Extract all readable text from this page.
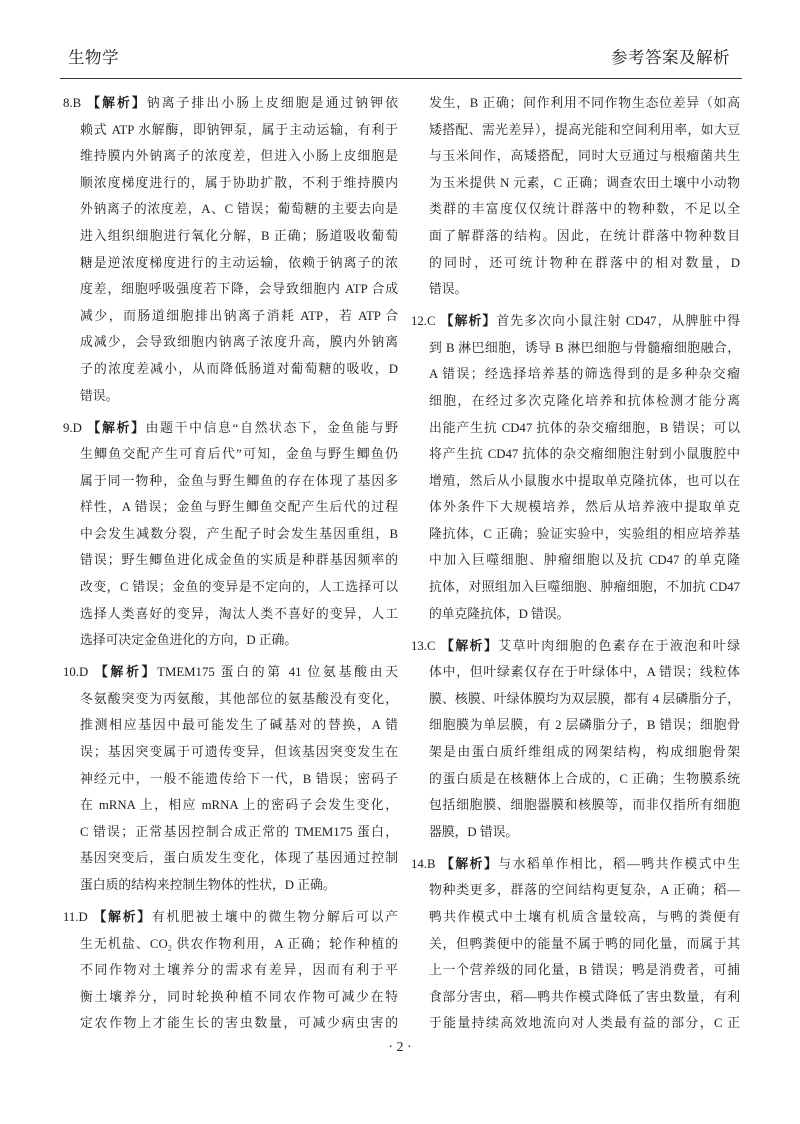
生物学	参考答案及解析
8.B 【解析】钠离子排出小肠上皮细胞是通过钠钾依
赖式 ATP 水解酶，即钠钾泵，属于主动运输，有利于
维持膜内外钠离子的浓度差，但进入小肠上皮细胞是
顺浓度梯度进行的，属于协助扩散，不利于维持膜内
外钠离子的浓度差，A、C 错误；葡萄糖的主要去向是
进入组织细胞进行氧化分解，B 正确；肠道吸收葡萄
糖是逆浓度梯度进行的主动运输，依赖于钠离子的浓
度差，细胞呼吸强度若下降，会导致细胞内 ATP 合成
减少，而肠道细胞排出钠离子消耗 ATP，若 ATP 合
成减少，会导致细胞内钠离子浓度升高，膜内外钠离
子的浓度差减小，从而降低肠道对葡萄糖的吸收，D
错误。
9.D 【解析】由题干中信息“自然状态下，金鱼能与野
生鲫鱼交配产生可育后代”可知，金鱼与野生鲫鱼仍
属于同一物种，金鱼与野生鲫鱼的存在体现了基因多
样性，A 错误；金鱼与野生鲫鱼交配产生后代的过程
中会发生减数分裂，产生配子时会发生基因重组，B
错误；野生鲫鱼进化成金鱼的实质是种群基因频率的
改变，C 错误；金鱼的变异是不定向的，人工选择可以
选择人类喜好的变异，淘汰人类不喜好的变异，人工
选择可决定金鱼进化的方向，D 正确。
10.D 【解析】TMEM175 蛋白的第 41 位氨基酸由天
冬氨酸突变为丙氨酸，其他部位的氨基酸没有变化，
推测相应基因中最可能发生了碱基对的替换，A 错
误；基因突变属于可遗传变异，但该基因突变发生在
神经元中，一般不能遗传给下一代，B 错误；密码子
在 mRNA 上，相应 mRNA 上的密码子会发生变化，
C 错误；正常基因控制合成正常的 TMEM175 蛋白，
基因突变后，蛋白质发生变化，体现了基因通过控制
蛋白质的结构来控制生物体的性状，D 正确。
11.D 【解析】有机肥被土壤中的微生物分解后可以产
生无机盐、CO₂ 供农作物利用，A 正确；轮作种植的
不同作物对土壤养分的需求有差异，因而有利于平
衡土壤养分，同时轮换种植不同农作物可减少在特
定农作物上才能生长的害虫数量，可减少病虫害的
发生，B 正确；间作利用不同作物生态位差异（如高
矮搭配、需光差异），提高光能和空间利用率，如大豆
与玉米间作，高矮搭配，同时大豆通过与根瘤菌共生
为玉米提供 N 元素，C 正确；调查农田土壤中小动物
类群的丰富度仅仅统计群落中的物种数，不足以全
面了解群落的结构。因此，在统计群落中物种数目
的同时，还可统计物种在群落中的相对数量，D
错误。
12.C 【解析】首先多次向小鼠注射 CD47，从脾脏中得
到 B 淋巴细胞，诱导 B 淋巴细胞与骨髓瘤细胞融合，
A 错误；经选择培养基的筛选得到的是多种杂交瘤
细胞，在经过多次克隆化培养和抗体检测才能分离
出能产生抗 CD47 抗体的杂交瘤细胞，B 错误；可以
将产生抗 CD47 抗体的杂交瘤细胞注射到小鼠腹腔中
增殖，然后从小鼠腹水中提取单克隆抗体，也可以在
体外条件下大规模培养，然后从培养液中提取单克
隆抗体，C 正确；验证实验中，实验组的相应培养基
中加入巨噬细胞、肿瘤细胞以及抗 CD47 的单克隆
抗体，对照组加入巨噬细胞、肿瘤细胞，不加抗 CD47
的单克隆抗体，D 错误。
13.C 【解析】艾草叶肉细胞的色素存在于液泡和叶绿
体中，但叶绿素仅存在于叶绿体中，A 错误；线粒体
膜、核膜、叶绿体膜均为双层膜，都有 4 层磷脂分子，
细胞膜为单层膜，有 2 层磷脂分子，B 错误；细胞骨
架是由蛋白质纤维组成的网架结构，构成细胞骨架
的蛋白质是在核糖体上合成的，C 正确；生物膜系统
包括细胞膜、细胞器膜和核膜等，而非仅指所有细胞
器膜，D 错误。
14.B 【解析】与水稻单作相比，稻—鸭共作模式中生
物种类更多，群落的空间结构更复杂，A 正确；稻—
鸭共作模式中土壤有机质含量较高，与鸭的粪便有
关，但鸭粪便中的能量不属于鸭的同化量，而属于其
上一个营养级的同化量，B 错误；鸭是消费者，可捕
食部分害虫，稻—鸭共作模式降低了害虫数量，有利
于能量持续高效地流向对人类最有益的部分，C 正
· 2 ·
